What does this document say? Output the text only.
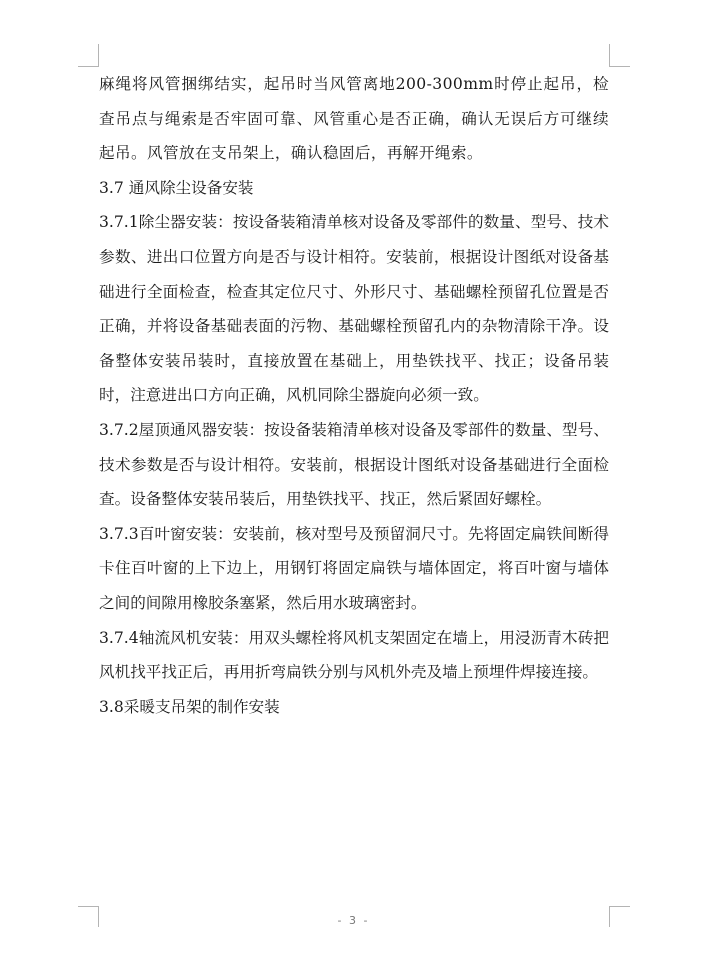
麻绳将风管捆绑结实，起吊时当风管离地200-300mm时停止起吊，检查吊点与绳索是否牢固可靠、风管重心是否正确，确认无误后方可继续起吊。风管放在支吊架上，确认稳固后，再解开绳索。

3.7 通风除尘设备安装

3.7.1除尘器安装：按设备装箱清单核对设备及零部件的数量、型号、技术参数、进出口位置方向是否与设计相符。安装前，根据设计图纸对设备基础进行全面检查，检查其定位尺寸、外形尺寸、基础螺栓预留孔位置是否正确，并将设备基础表面的污物、基础螺栓预留孔内的杂物清除干净。设备整体安装吊装时，直接放置在基础上，用垫铁找平、找正；设备吊装时，注意进出口方向正确，风机同除尘器旋向必须一致。

3.7.2屋顶通风器安装：按设备装箱清单核对设备及零部件的数量、型号、技术参数是否与设计相符。安装前，根据设计图纸对设备基础进行全面检查。设备整体安装吊装后，用垫铁找平、找正，然后紧固好螺栓。

3.7.3百叶窗安装：安装前，核对型号及预留洞尺寸。先将固定扁铁间断得卡住百叶窗的上下边上，用钢钉将固定扁铁与墙体固定，将百叶窗与墙体之间的间隙用橡胶条塞紧，然后用水玻璃密封。

3.7.4轴流风机安装：用双头螺栓将风机支架固定在墙上，用浸沥青木砖把风机找平找正后，再用折弯扁铁分别与风机外壳及墙上预埋件焊接连接。

3.8采暖支吊架的制作安装

- 3 -
